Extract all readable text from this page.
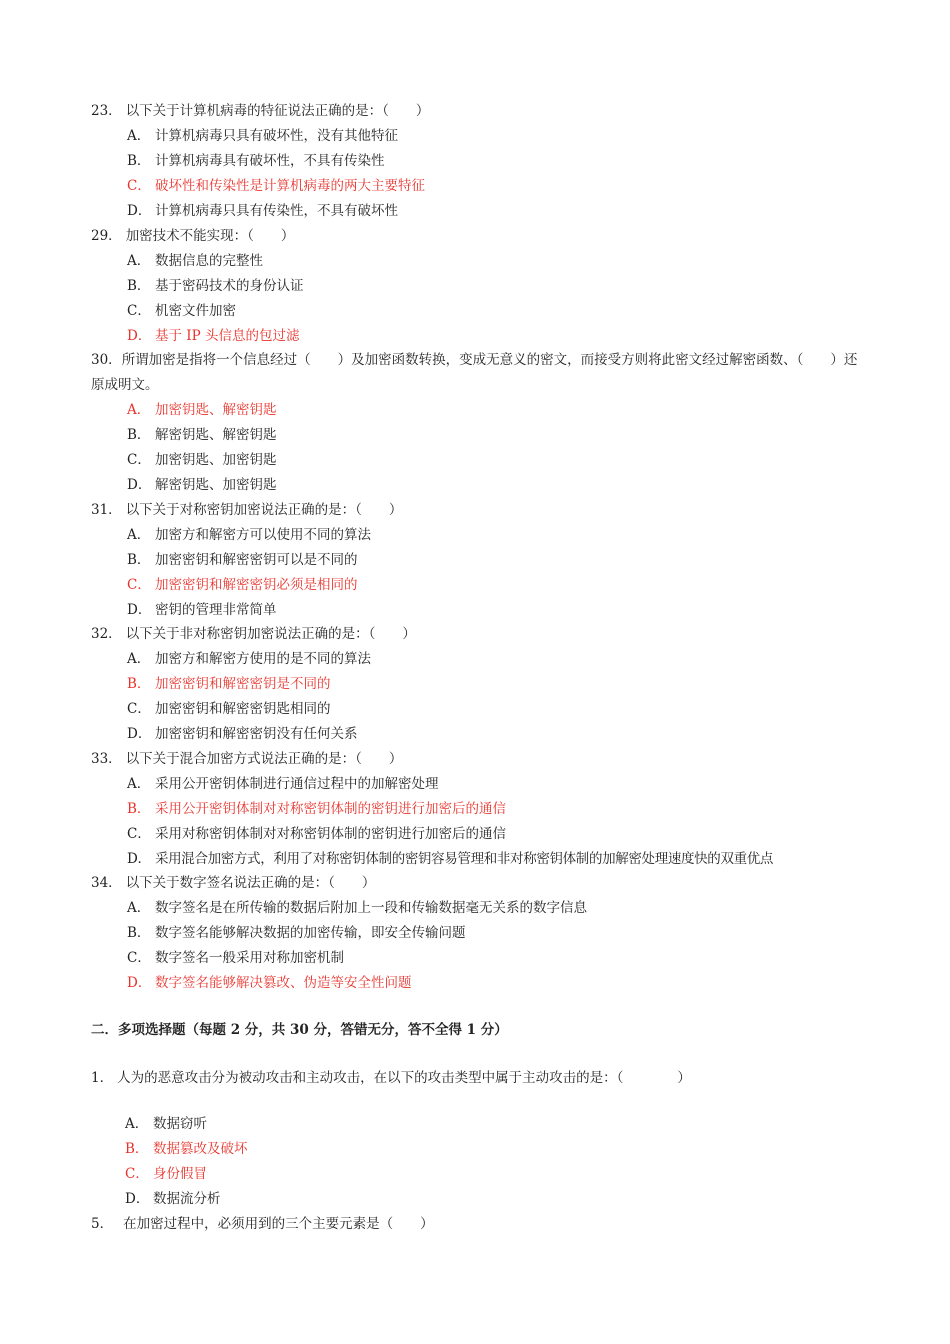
23． 以下关于计算机病毒的特征说法正确的是：（　　）
A． 计算机病毒只具有破坏性，没有其他特征
B． 计算机病毒具有破坏性，不具有传染性
C． 破坏性和传染性是计算机病毒的两大主要特征
D． 计算机病毒只具有传染性，不具有破坏性
29． 加密技术不能实现：（　　）
A． 数据信息的完整性
B． 基于密码技术的身份认证
C． 机密文件加密
D． 基于 IP 头信息的包过滤
30．所谓加密是指将一个信息经过（　　）及加密函数转换，变成无意义的密文，而接受方则将此密文经过解密函数、（　　）还原成明文。
A． 加密钥匙、解密钥匙
B． 解密钥匙、解密钥匙
C． 加密钥匙、加密钥匙
D． 解密钥匙、加密钥匙
31． 以下关于对称密钥加密说法正确的是：（　　）
A． 加密方和解密方可以使用不同的算法
B． 加密密钥和解密密钥可以是不同的
C． 加密密钥和解密密钥必须是相同的
D． 密钥的管理非常简单
32． 以下关于非对称密钥加密说法正确的是：（　　）
A． 加密方和解密方使用的是不同的算法
B． 加密密钥和解密密钥是不同的
C． 加密密钥和解密密钥匙相同的
D． 加密密钥和解密密钥没有任何关系
33． 以下关于混合加密方式说法正确的是：（　　）
A． 采用公开密钥体制进行通信过程中的加解密处理
B． 采用公开密钥体制对对称密钥体制的密钥进行加密后的通信
C． 采用对称密钥体制对对称密钥体制的密钥进行加密后的通信
D． 采用混合加密方式，利用了对称密钥体制的密钥容易管理和非对称密钥体制的加解密处理速度快的双重优点
34． 以下关于数字签名说法正确的是：（　　）
A． 数字签名是在所传输的数据后附加上一段和传输数据毫无关系的数字信息
B． 数字签名能够解决数据的加密传输，即安全传输问题
C． 数字签名一般采用对称加密机制
D． 数字签名能够解决篡改、伪造等安全性问题
二．多项选择题（每题 2 分，共 30 分，答错无分，答不全得 1 分）
1． 人为的恶意攻击分为被动攻击和主动攻击，在以下的攻击类型中属于主动攻击的是：（　　　　）
A． 数据窃听
B． 数据篡改及破坏
C． 身份假冒
D． 数据流分析
5． 在加密过程中，必须用到的三个主要元素是（　　）
